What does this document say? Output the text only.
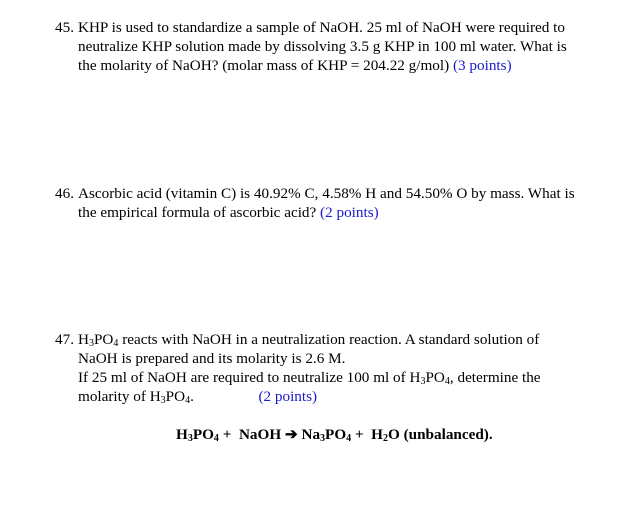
45. KHP is used to standardize a sample of NaOH. 25 ml of NaOH were required to
neutralize KHP solution made by dissolving 3.5 g KHP in 100 ml water. What is
the molarity of NaOH? (molar mass of KHP = 204.22 g/mol) (3 points)
46. Ascorbic acid (vitamin C) is 40.92% C, 4.58% H and 54.50% O by mass. What is
the empirical formula of ascorbic acid? (2 points)
47. $H_3PO_4$ reacts with NaOH in a neutralization reaction. A standard solution of
NaOH is prepared and its molarity is 2.6 M.
If 25 ml of NaOH are required to neutralize 100 ml of $H_3PO_4$, determine the
molarity of $H_3PO_4$.                 (2 points)
$H_3PO_4$ +  NaOH ➔ $Na_3PO_4 + H_2O$ (unbalanced).
